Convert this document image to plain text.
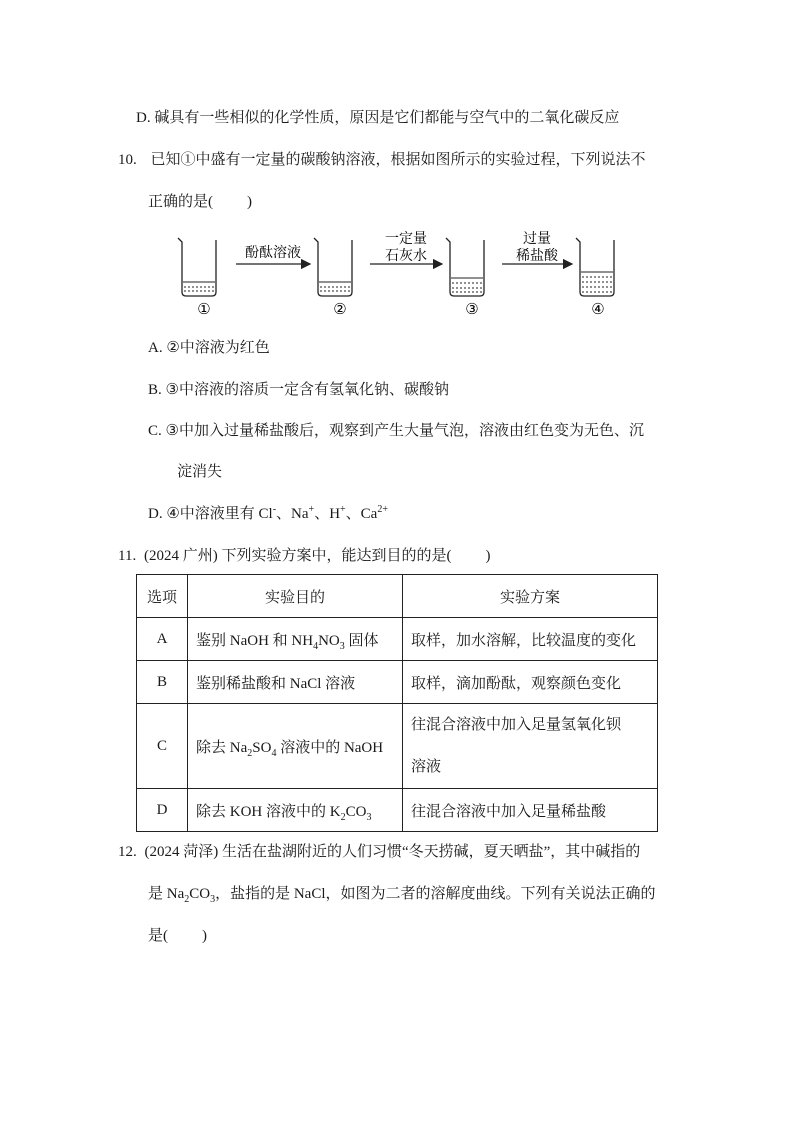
D. 碱具有一些相似的化学性质，原因是它们都能与空气中的二氧化碳反应
10. 已知①中盛有一定量的碳酸钠溶液，根据如图所示的实验过程，下列说法不
正确的是( )
①
酚酞溶液
②
一定量
石灰水
③
过量
稀盐酸
④
A. ②中溶液为红色
B. ③中溶液的溶质一定含有氢氧化钠、碳酸钠
C. ③中加入过量稀盐酸后，观察到产生大量气泡，溶液由红色变为无色、沉
淀消失
D. ④中溶液里有 Cl-、Na+、H+、$Ca^{2+}$
11. (2024 广州) 下列实验方案中，能达到目的的是( )
选项	实验目的	实验方案
A	鉴别 NaOH 和 $NH_4NO_3$ 固体	取样，加水溶解，比较温度的变化
B	鉴别稀盐酸和 NaCl 溶液	取样，滴加酚酞，观察颜色变化
C	除去 $Na_2SO_4$ 溶液中的 NaOH	往混合溶液中加入足量氢氧化钡
溶液

D	除去 KOH 溶液中的 $K_2CO_3$	往混合溶液中加入足量稀盐酸
12. (2024 菏泽) 生活在盐湖附近的人们习惯“冬天捞碱，夏天晒盐”，其中碱指的
是 $Na_2CO_3$，盐指的是 NaCl，如图为二者的溶解度曲线。下列有关说法正确的
是( )
